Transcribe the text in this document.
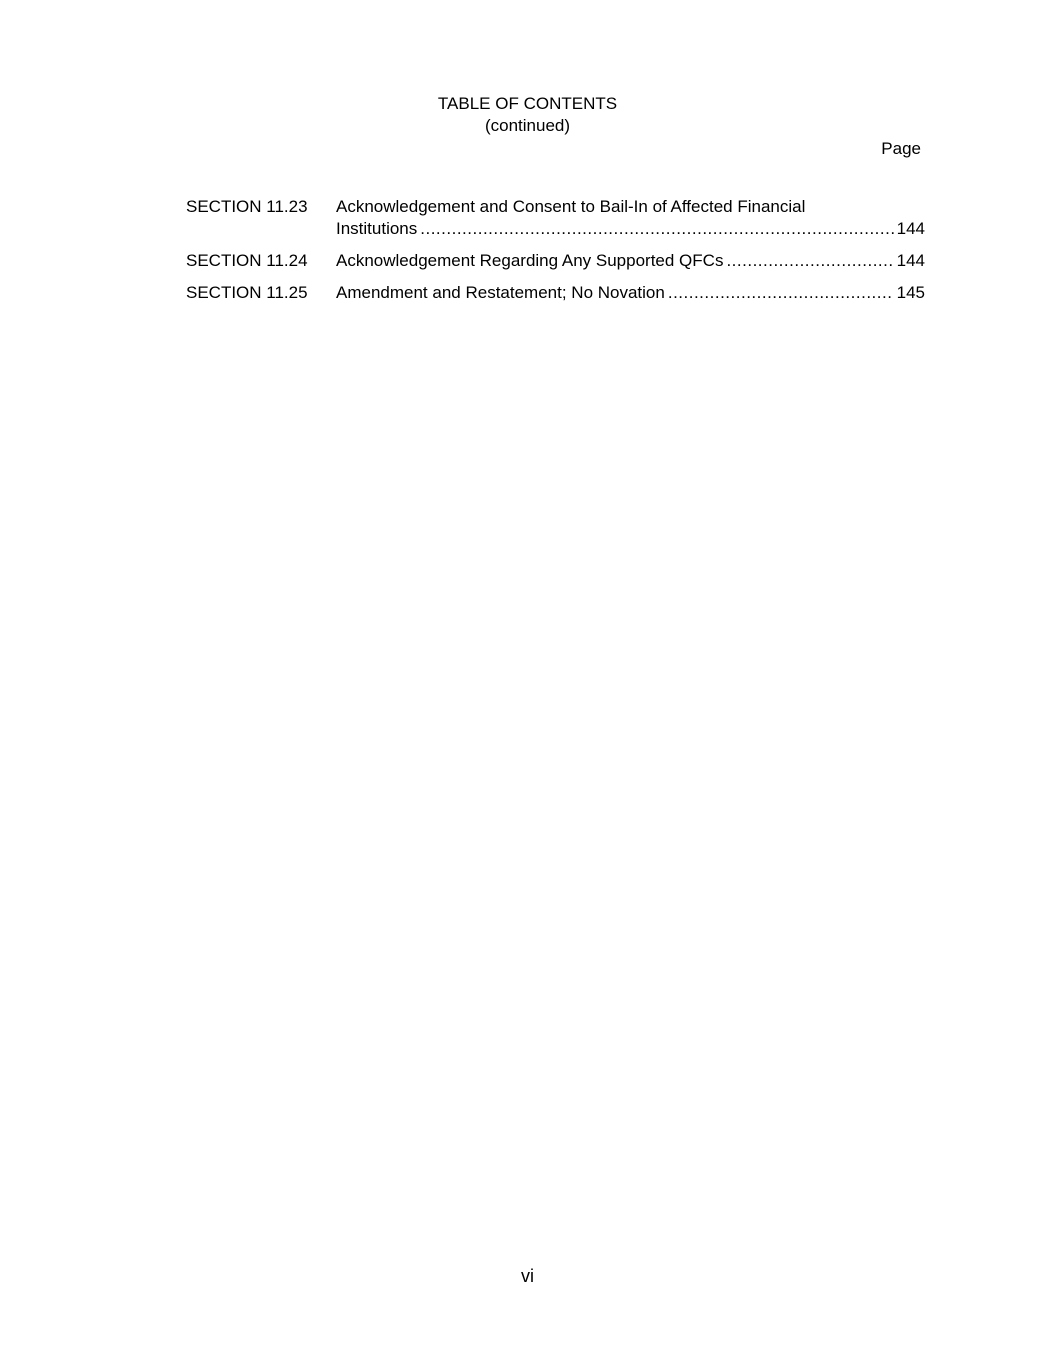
TABLE OF CONTENTS
(continued)
Page
SECTION 11.23 Acknowledgement and Consent to Bail-In of Affected Financial
Institutions .....	144
SECTION 11.24 Acknowledgement Regarding Any Supported QFCs .....	144
SECTION 11.25 Amendment and Restatement; No Novation .....	145
vi
